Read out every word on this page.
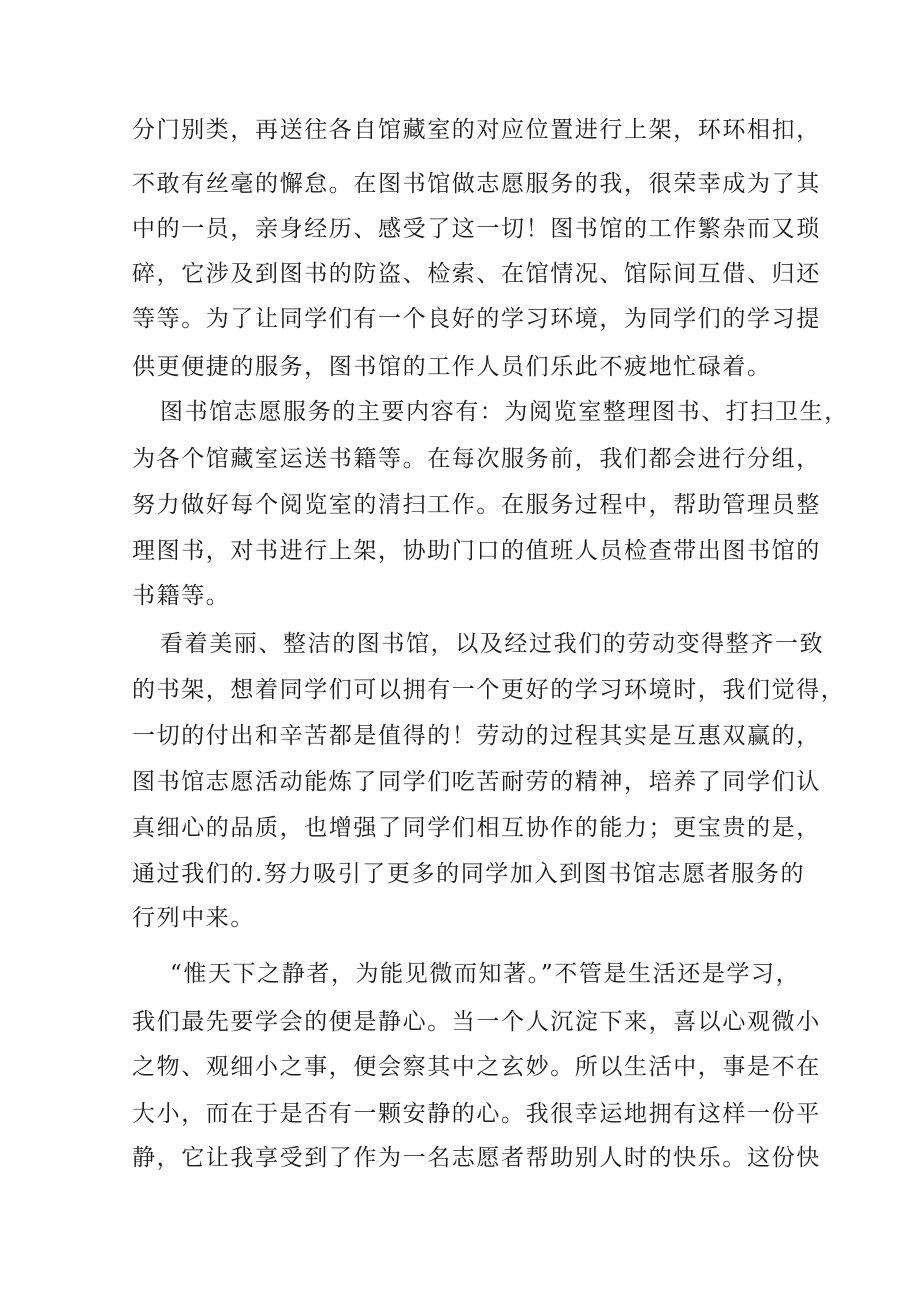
分门别类，再送往各自馆藏室的对应位置进行上架，环环相扣，
不敢有丝毫的懈怠。在图书馆做志愿服务的我，很荣幸成为了其
中的一员，亲身经历、感受了这一切！图书馆的工作繁杂而又琐
碎，它涉及到图书的防盗、检索、在馆情况、馆际间互借、归还
等等。为了让同学们有一个良好的学习环境，为同学们的学习提
供更便捷的服务，图书馆的工作人员们乐此不疲地忙碌着。
图书馆志愿服务的主要内容有：为阅览室整理图书、打扫卫生，
为各个馆藏室运送书籍等。在每次服务前，我们都会进行分组，
努力做好每个阅览室的清扫工作。在服务过程中，帮助管理员整
理图书，对书进行上架，协助门口的值班人员检查带出图书馆的
书籍等。
看着美丽、整洁的图书馆，以及经过我们的劳动变得整齐一致
的书架，想着同学们可以拥有一个更好的学习环境时，我们觉得，
一切的付出和辛苦都是值得的！劳动的过程其实是互惠双赢的，
图书馆志愿活动能炼了同学们吃苦耐劳的精神，培养了同学们认
真细心的品质，也增强了同学们相互协作的能力；更宝贵的是，
通过我们的.努力吸引了更多的同学加入到图书馆志愿者服务的
行列中来。
“惟天下之静者，为能见微而知著。”不管是生活还是学习，
我们最先要学会的便是静心。当一个人沉淀下来，喜以心观微小
之物、观细小之事，便会察其中之玄妙。所以生活中，事是不在
大小，而在于是否有一颗安静的心。我很幸运地拥有这样一份平
静，它让我享受到了作为一名志愿者帮助别人时的快乐。这份快
